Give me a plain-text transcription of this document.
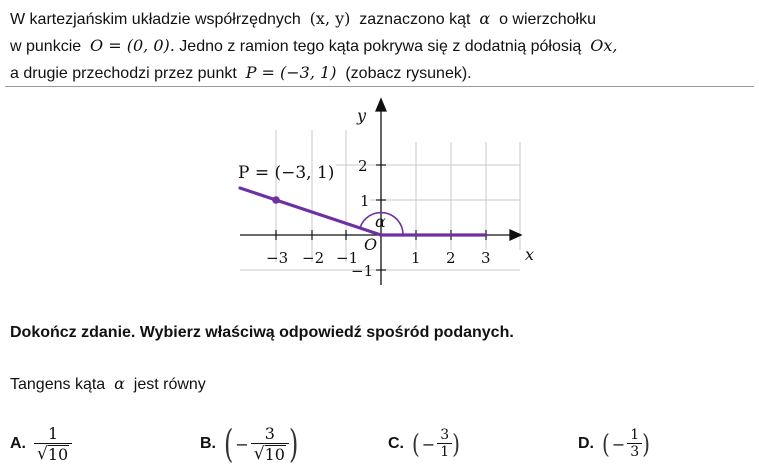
W kartezjańskim układzie współrzędnych (x, y) zaznaczono kąt α o wierzchołku
w punkcie O = (0, 0). Jedno z ramion tego kąta pokrywa się z dodatnią półosią Ox,
a drugie przechodzi przez punkt P = (−3, 1) (zobacz rysunek).
−3 −2 −1	1 2 3
2
1
−1
y
x
O
α
P = (−3, 1)
Dokończ zdanie. Wybierz właściwą odpowiedź spośród podanych.
Tangens kąta α jest równy
A. $\frac{1}{√ 10}$	B. ( − $\frac{3}{√ 10}$ )	C. ( − $\frac{3}{1}$ )	D. ( − $\frac{1}{3}$ )
